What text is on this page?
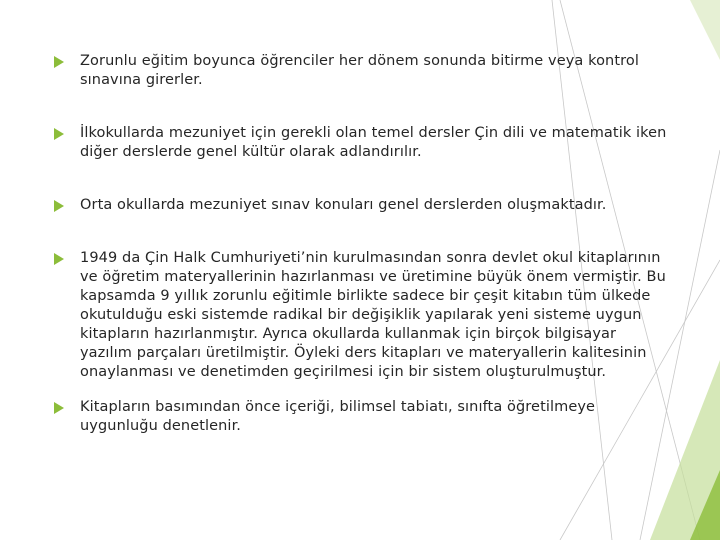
Zorunlu eğitim boyunca öğrenciler her dönem sonunda bitirme veya kontrol sınavına girerler.
İlkokullarda mezuniyet için gerekli olan temel dersler Çin dili ve matematik iken diğer derslerde genel kültür olarak adlandırılır.
Orta okullarda mezuniyet sınav konuları genel derslerden oluşmaktadır.
1949 da Çin Halk Cumhuriyeti’nin kurulmasından sonra devlet okul kitaplarının ve öğretim materyallerinin hazırlanması ve üretimine büyük önem vermiştir. Bu kapsamda 9 yıllık zorunlu eğitimle birlikte sadece bir çeşit kitabın tüm ülkede okutulduğu eski sistemde radikal bir değişiklik yapılarak yeni sisteme uygun kitapların hazırlanmıştır. Ayrıca okullarda kullanmak için birçok bilgisayar yazılım parçaları üretilmiştir. Öyleki ders kitapları ve materyallerin kalitesinin onaylanması ve denetimden geçirilmesi için bir sistem oluşturulmuştur.
Kitapların basımından önce içeriği, bilimsel tabiatı, sınıfta öğretilmeye uygunluğu denetlenir.
